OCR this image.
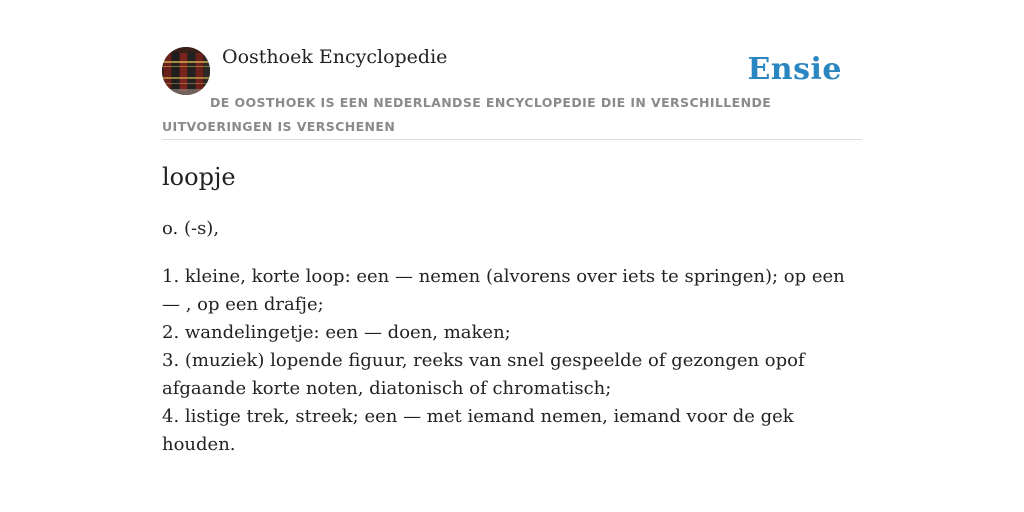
Oosthoek Encyclopedie	Ensie
DE OOSTHOEK IS EEN NEDERLANDSE ENCYCLOPEDIE DIE IN VERSCHILLENDE UITVOERINGEN IS VERSCHENEN
loopje
o. (-s),
1. kleine, korte loop: een — nemen (alvorens over iets te springen); op een — , op een drafje;
2. wandelingetje: een — doen, maken;
3. (muziek) lopende figuur, reeks van snel gespeelde of gezongen opof afgaande korte noten, diatonisch of chromatisch;
4. listige trek, streek; een — met iemand nemen, iemand voor de gek houden.
